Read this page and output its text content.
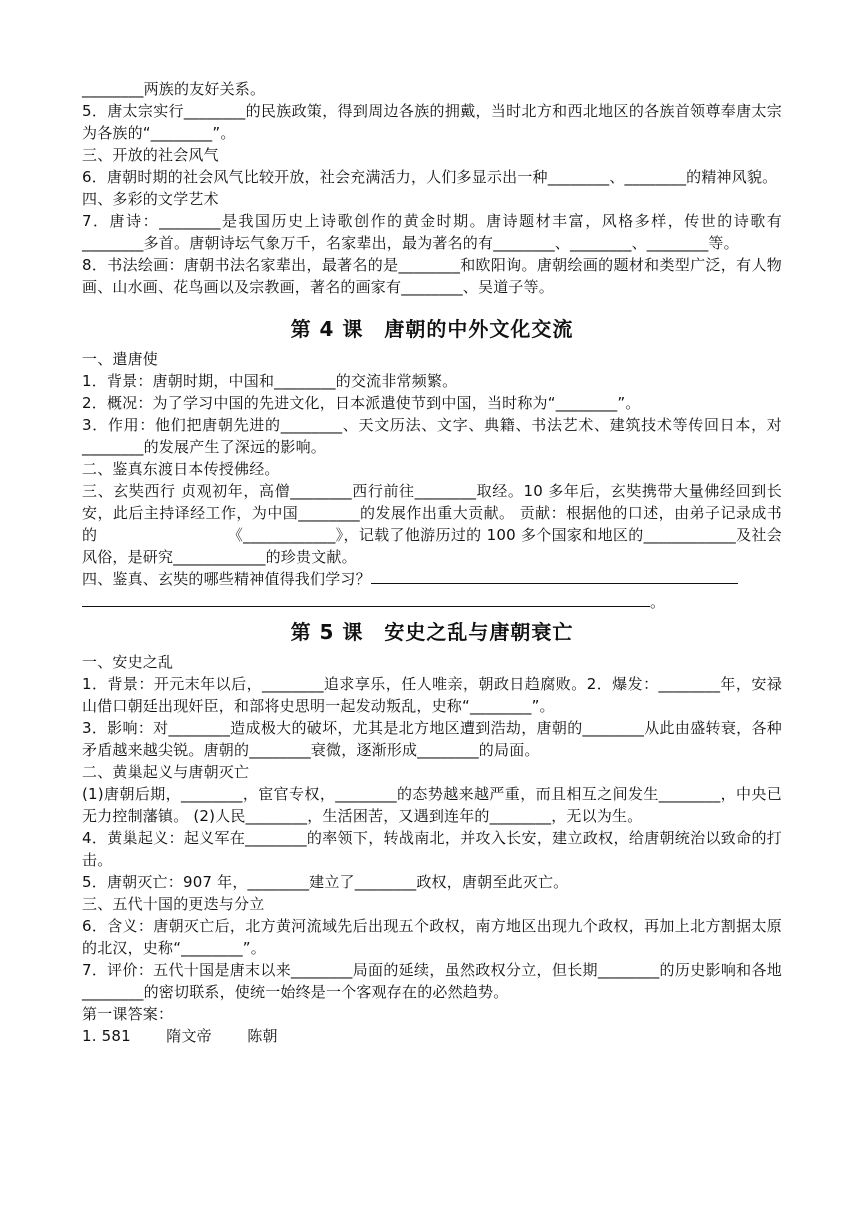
________两族的友好关系。

5．唐太宗实行________的民族政策，得到周边各族的拥戴，当时北方和西北地区的各族首领尊奉唐太宗为各族的“________”。

三、开放的社会风气

6．唐朝时期的社会风气比较开放，社会充满活力，人们多显示出一种________、________的精神风貌。

四、多彩的文学艺术

7．唐诗：________是我国历史上诗歌创作的黄金时期。唐诗题材丰富，风格多样，传世的诗歌有________多首。唐朝诗坛气象万千，名家辈出，最为著名的有________、________、________等。

8．书法绘画：唐朝书法名家辈出，最著名的是________和欧阳询。唐朝绘画的题材和类型广泛，有人物画、山水画、花鸟画以及宗教画，著名的画家有________、吴道子等。

第 4 课　唐朝的中外文化交流

一、遣唐使

1．背景：唐朝时期，中国和________的交流非常频繁。

2．概况：为了学习中国的先进文化，日本派遣使节到中国，当时称为“________”。

3．作用：他们把唐朝先进的________、天文历法、文字、典籍、书法艺术、建筑技术等传回日本，对________的发展产生了深远的影响。

二、鉴真东渡日本传授佛经。

三、玄奘西行 贞观初年，高僧________西行前往________取经。10 多年后，玄奘携带大量佛经回到长安，此后主持译经工作，为中国________的发展作出重大贡献。 贡献：根据他的口述，由弟子记录成书的　　　　　　　　　《____________》，记载了他游历过的 100 多个国家和地区的____________及社会风俗，是研究____________的珍贵文献。

四、鉴真、玄奘的哪些精神值得我们学习？

。

第 5 课　安史之乱与唐朝衰亡

一、安史之乱

1．背景：开元末年以后，________追求享乐，任人唯亲，朝政日趋腐败。2．爆发：________年，安禄山借口朝廷出现奸臣，和部将史思明一起发动叛乱，史称“________”。

3．影响：对________造成极大的破坏，尤其是北方地区遭到浩劫，唐朝的________从此由盛转衰，各种矛盾越来越尖锐。唐朝的________衰微，逐渐形成________的局面。

二、黄巢起义与唐朝灭亡

(1)唐朝后期，________，宦官专权，________的态势越来越严重，而且相互之间发生________，中央已无力控制藩镇。 (2)人民________，生活困苦，又遇到连年的________，无以为生。

4．黄巢起义：起义军在________的率领下，转战南北，并攻入长安，建立政权，给唐朝统治以致命的打击。

5．唐朝灭亡：907 年，________建立了________政权，唐朝至此灭亡。

三、五代十国的更迭与分立

6．含义：唐朝灭亡后，北方黄河流域先后出现五个政权，南方地区出现九个政权，再加上北方割据太原的北汉，史称“________”。

7．评价：五代十国是唐末以来________局面的延续，虽然政权分立，但长期________的历史影响和各地________的密切联系，使统一始终是一个客观存在的必然趋势。

第一课答案：

1. 581　　 隋文帝　　 陈朝
